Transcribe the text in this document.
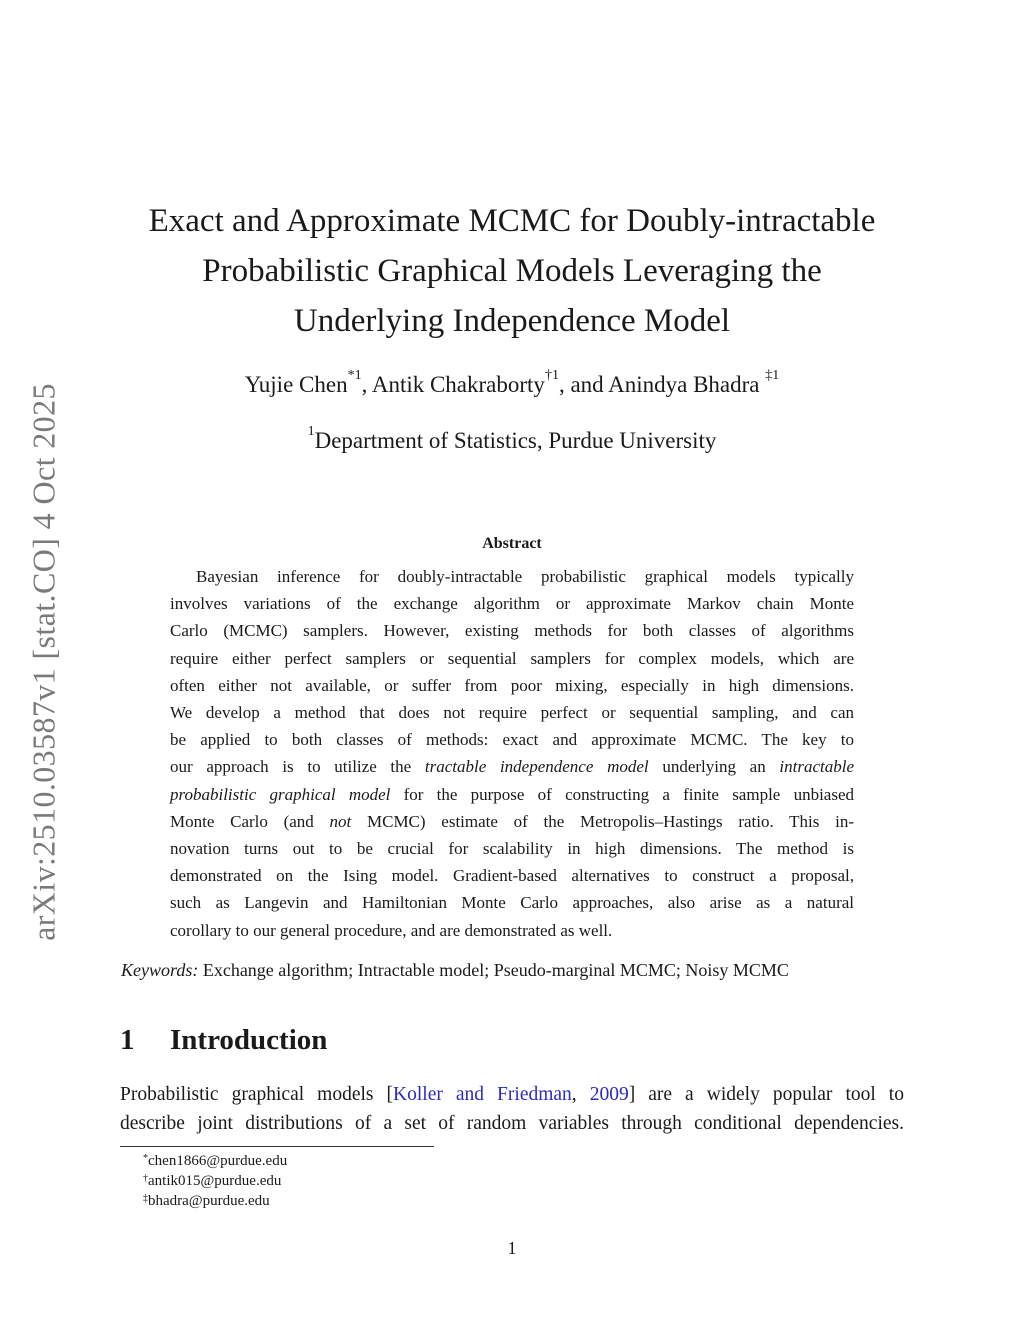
arXiv:2510.03587v1 [stat.CO] 4 Oct 2025
Exact and Approximate MCMC for Doubly-intractable
Probabilistic Graphical Models Leveraging the
Underlying Independence Model
Yujie Chen$^{*1}$, Antik Chakraborty$^{\dagger 1}$, and Anindya Bhadra $^{\ddagger 1}$
$^1$Department of Statistics, Purdue University
Abstract
Bayesian inference for doubly-intractable probabilistic graphical models typically
involves variations of the exchange algorithm or approximate Markov chain Monte
Carlo (MCMC) samplers. However, existing methods for both classes of algorithms
require either perfect samplers or sequential samplers for complex models, which are
often either not available, or suffer from poor mixing, especially in high dimensions.
We develop a method that does not require perfect or sequential sampling, and can
be applied to both classes of methods: exact and approximate MCMC. The key to
our approach is to utilize the tractable independence model underlying an intractable
probabilistic graphical model for the purpose of constructing a finite sample unbiased
Monte Carlo (and not MCMC) estimate of the Metropolis–Hastings ratio. This in-
novation turns out to be crucial for scalability in high dimensions. The method is
demonstrated on the Ising model. Gradient-based alternatives to construct a proposal,
such as Langevin and Hamiltonian Monte Carlo approaches, also arise as a natural
corollary to our general procedure, and are demonstrated as well.
Keywords: Exchange algorithm; Intractable model; Pseudo-marginal MCMC; Noisy MCMC
1 Introduction
Probabilistic graphical models [Koller and Friedman, 2009] are a widely popular tool to
describe joint distributions of a set of random variables through conditional dependencies.
*chen1866@purdue.edu
†antik015@purdue.edu
‡bhadra@purdue.edu
1
